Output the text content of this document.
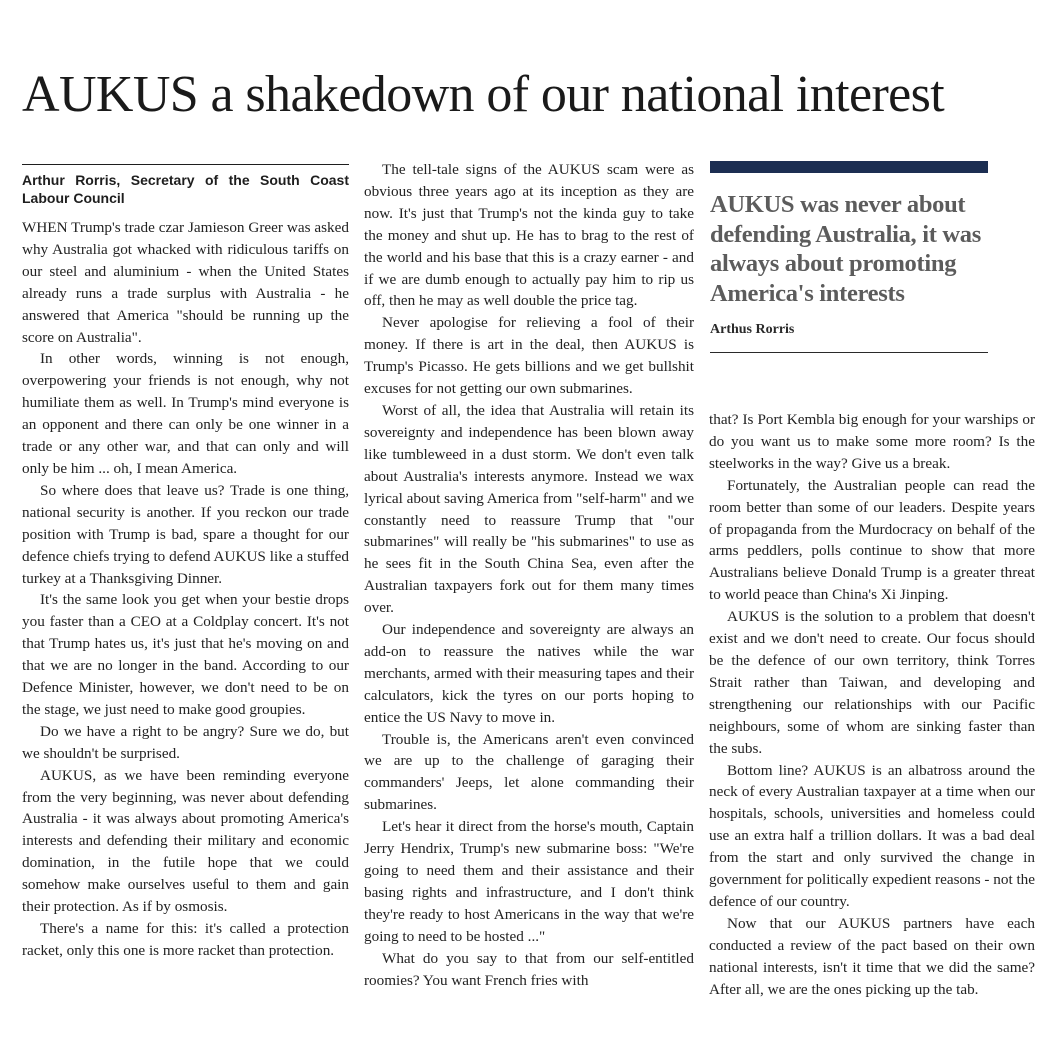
AUKUS a shakedown of our national interest
Arthur Rorris, Secretary of the South Coast Labour Council

WHEN Trump's trade czar Jamieson Greer was asked why Australia got whacked with ridiculous tariffs on our steel and aluminium - when the United States already runs a trade surplus with Australia - he answered that America "should be running up the score on Australia".

In other words, winning is not enough, overpowering your friends is not enough, why not humiliate them as well. In Trump's mind everyone is an opponent and there can only be one winner in a trade or any other war, and that can only and will only be him ... oh, I mean America.

So where does that leave us? Trade is one thing, national security is another. If you reckon our trade position with Trump is bad, spare a thought for our defence chiefs trying to defend AUKUS like a stuffed turkey at a Thanksgiving Dinner.

It's the same look you get when your bestie drops you faster than a CEO at a Coldplay concert. It's not that Trump hates us, it's just that he's moving on and that we are no longer in the band. According to our Defence Minister, however, we don't need to be on the stage, we just need to make good groupies.

Do we have a right to be angry? Sure we do, but we shouldn't be surprised.

AUKUS, as we have been reminding everyone from the very beginning, was never about defending Australia - it was always about promoting America's interests and defending their military and economic domination, in the futile hope that we could somehow make ourselves useful to them and gain their protection. As if by osmosis.

There's a name for this: it's called a protection racket, only this one is more racket than protection.

The tell-tale signs of the AUKUS scam were as obvious three years ago at its inception as they are now. It's just that Trump's not the kinda guy to take the money and shut up. He has to brag to the rest of the world and his base that this is a crazy earner - and if we are dumb enough to actually pay him to rip us off, then he may as well double the price tag.

Never apologise for relieving a fool of their money. If there is art in the deal, then AUKUS is Trump's Picasso. He gets billions and we get bullshit excuses for not getting our own submarines.

Worst of all, the idea that Australia will retain its sovereignty and independence has been blown away like tumbleweed in a dust storm. We don't even talk about Australia's interests anymore. Instead we wax lyrical about saving America from "self-harm" and we constantly need to reassure Trump that "our submarines" will really be "his submarines" to use as he sees fit in the South China Sea, even after the Australian taxpayers fork out for them many times over.

Our independence and sovereignty are always an add-on to reassure the natives while the war merchants, armed with their measuring tapes and their calculators, kick the tyres on our ports hoping to entice the US Navy to move in.

Trouble is, the Americans aren't even convinced we are up to the challenge of garaging their commanders' Jeeps, let alone commanding their submarines.

Let's hear it direct from the horse's mouth, Captain Jerry Hendrix, Trump's new submarine boss: "We're going to need them and their assistance and their basing rights and infrastructure, and I don't think they're ready to host Americans in the way that we're going to need to be hosted ..."

What do you say to that from our self-entitled roomies? You want French fries with

AUKUS was never about defending Australia, it was always about promoting America's interests
Arthus Rorris

that? Is Port Kembla big enough for your warships or do you want us to make some more room? Is the steelworks in the way? Give us a break.

Fortunately, the Australian people can read the room better than some of our leaders. Despite years of propaganda from the Murdocracy on behalf of the arms peddlers, polls continue to show that more Australians believe Donald Trump is a greater threat to world peace than China's Xi Jinping.

AUKUS is the solution to a problem that doesn't exist and we don't need to create. Our focus should be the defence of our own territory, think Torres Strait rather than Taiwan, and developing and strengthening our relationships with our Pacific neighbours, some of whom are sinking faster than the subs.

Bottom line? AUKUS is an albatross around the neck of every Australian taxpayer at a time when our hospitals, schools, universities and homeless could use an extra half a trillion dollars. It was a bad deal from the start and only survived the change in government for politically expedient reasons - not the defence of our country.

Now that our AUKUS partners have each conducted a review of the pact based on their own national interests, isn't it time that we did the same? After all, we are the ones picking up the tab.
